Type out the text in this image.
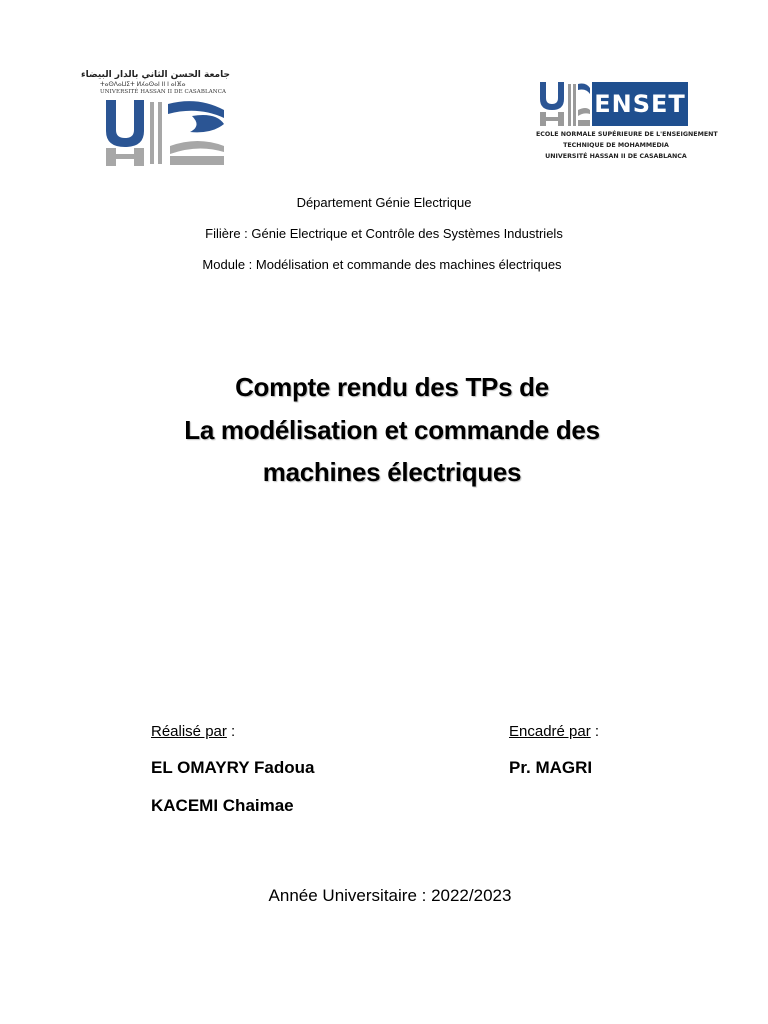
جامعة الحسن الثاني بالدار البيضاء
ⵜⴰⵙⴷⴰⵡⵉⵜ ⵍⵃⴰⵙⴰⵏ II ⵏ ⴰⵏⴼⴰ
UNIVERSITÉ HASSAN II DE CASABLANCA	ENSET
ECOLE NORMALE SUPÉRIEURE DE L'ENSEIGNEMENT
TECHNIQUE DE MOHAMMEDIA
UNIVERSITÉ HASSAN II DE CASABLANCA
Département Génie Electrique
Filière : Génie Electrique et Contrôle des Systèmes Industriels
Module : Modélisation et commande des machines électriques
Compte rendu des TPs de
La modélisation et commande des
machines électriques
Réalisé par :
EL OMAYRY Fadoua
KACEMI Chaimae
Encadré par :
Pr. MAGRI
Année Universitaire : 2022/2023
